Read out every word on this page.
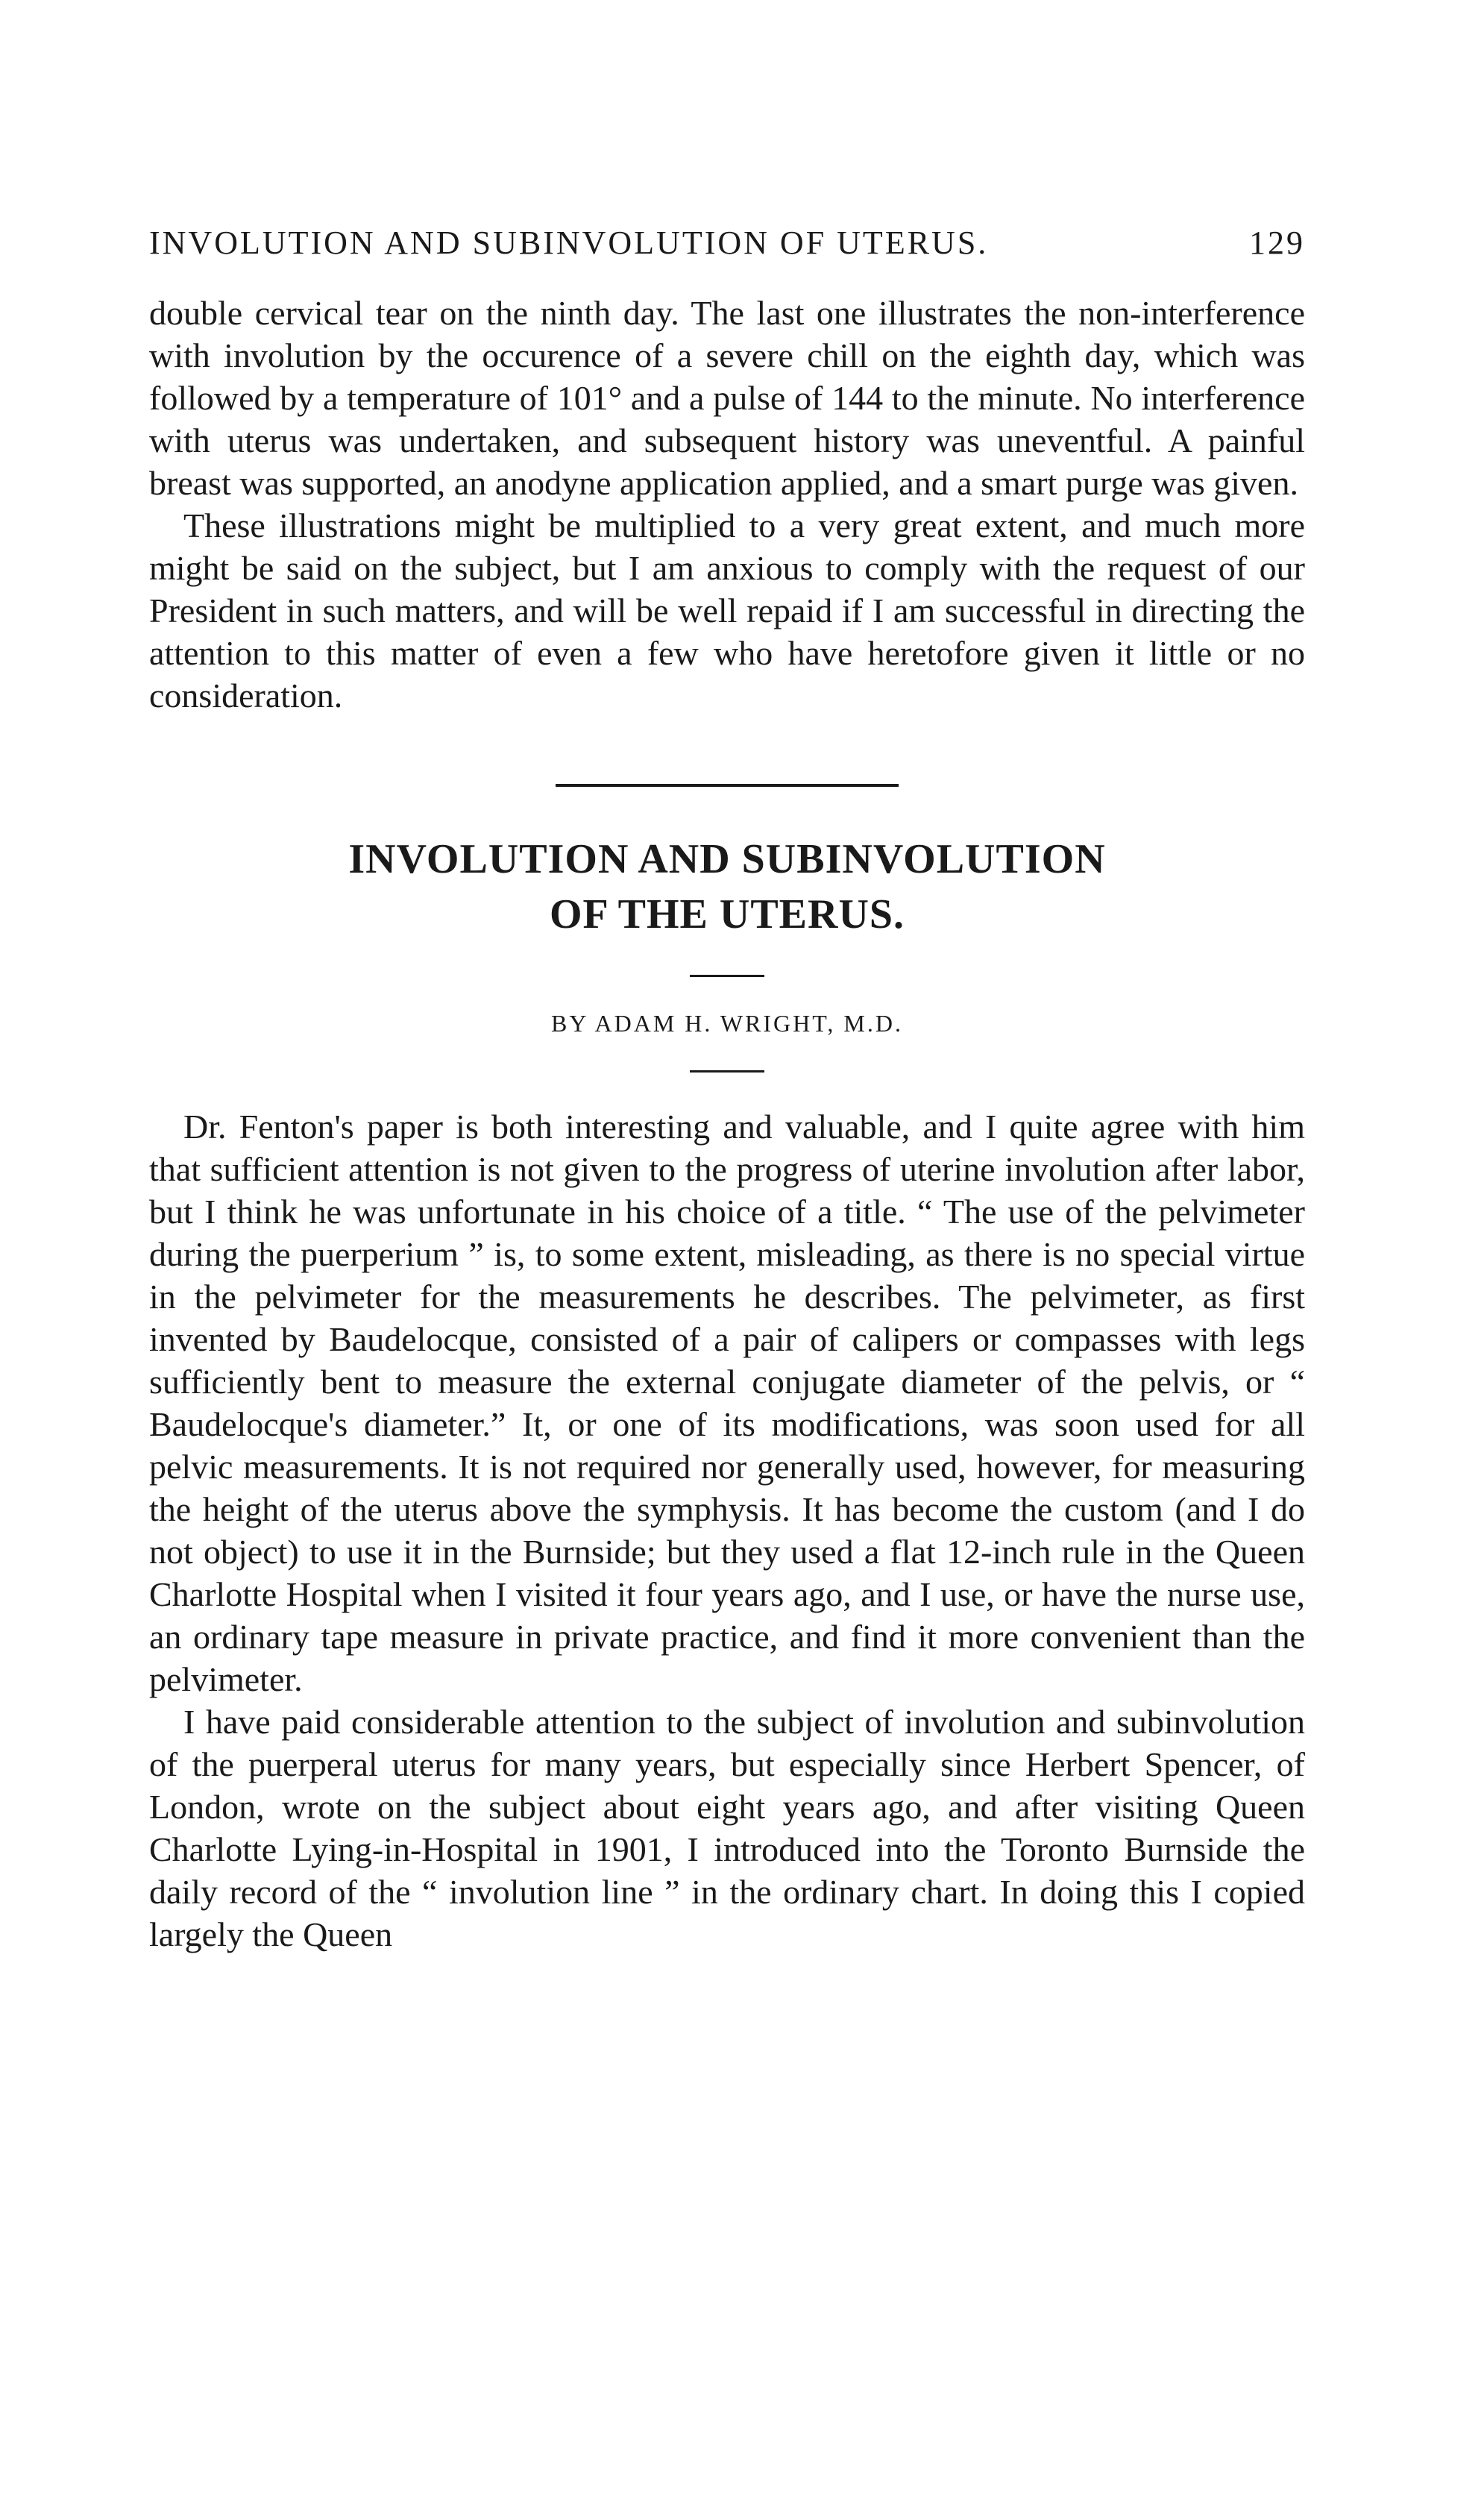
INVOLUTION AND SUBINVOLUTION OF UTERUS.	129

double cervical tear on the ninth day. The last one illustrates the non-interference with involution by the occurence of a severe chill on the eighth day, which was followed by a temperature of 101° and a pulse of 144 to the minute. No interference with uterus was undertaken, and subsequent history was uneventful. A painful breast was supported, an anodyne application applied, and a smart purge was given.

These illustrations might be multiplied to a very great extent, and much more might be said on the subject, but I am anxious to comply with the request of our President in such matters, and will be well repaid if I am successful in directing the attention to this matter of even a few who have heretofore given it little or no consideration.

INVOLUTION AND SUBINVOLUTION
OF THE UTERUS.

BY ADAM H. WRIGHT, M.D.

Dr. Fenton's paper is both interesting and valuable, and I quite agree with him that sufficient attention is not given to the progress of uterine involution after labor, but I think he was unfortunate in his choice of a title. “ The use of the pelvimeter during the puerperium ” is, to some extent, misleading, as there is no special virtue in the pelvimeter for the measurements he describes. The pelvimeter, as first invented by Baudelocque, consisted of a pair of calipers or compasses with legs sufficiently bent to measure the external conjugate diameter of the pelvis, or “ Baudelocque's diameter.” It, or one of its modifications, was soon used for all pelvic measurements. It is not required nor generally used, however, for measuring the height of the uterus above the symphysis. It has become the custom (and I do not object) to use it in the Burnside; but they used a flat 12-inch rule in the Queen Charlotte Hospital when I visited it four years ago, and I use, or have the nurse use, an ordinary tape measure in private practice, and find it more convenient than the pelvimeter.

I have paid considerable attention to the subject of involution and subinvolution of the puerperal uterus for many years, but especially since Herbert Spencer, of London, wrote on the subject about eight years ago, and after visiting Queen Charlotte Lying-in-Hospital in 1901, I introduced into the Toronto Burnside the daily record of the “ involution line ” in the ordinary chart. In doing this I copied largely the Queen
